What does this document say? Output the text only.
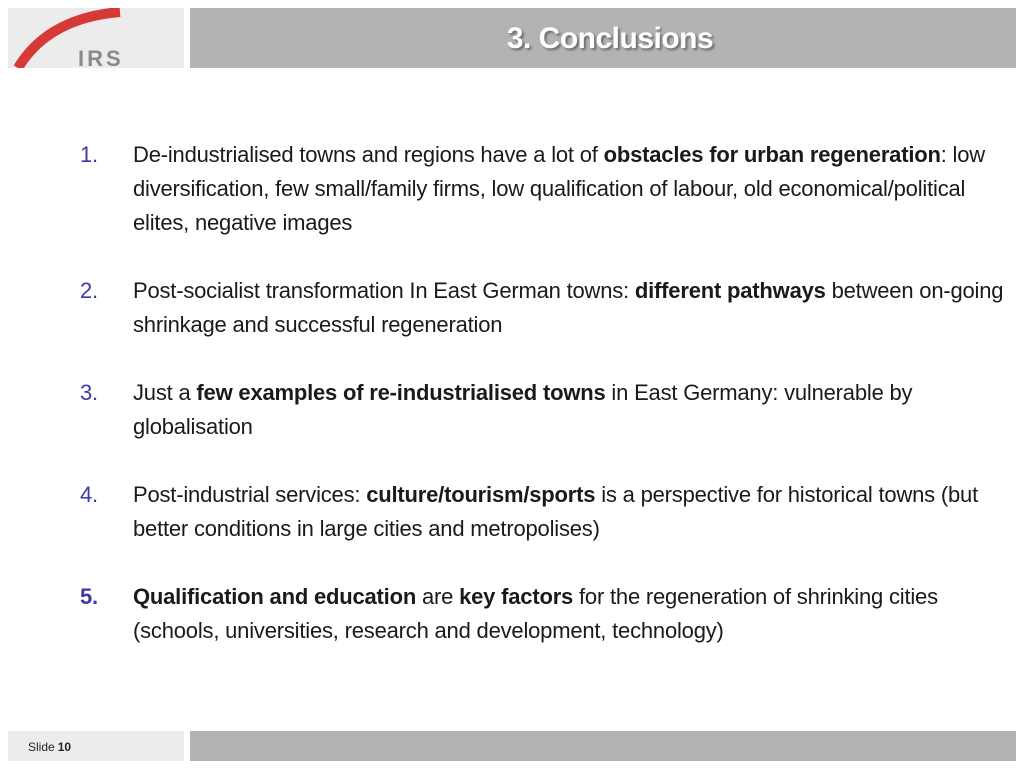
IRS
3. Conclusions
1. De-industrialised towns and regions have a lot of obstacles for urban regeneration: low diversification, few small/family firms, low qualification of labour, old economical/political elites, negative images
2. Post-socialist transformation In East German towns: different pathways between on-going shrinkage and successful regeneration
3. Just a few examples of re-industrialised towns in East Germany: vulnerable by globalisation
4. Post-industrial services: culture/tourism/sports is a perspective for historical towns (but better conditions in large cities and metropolises)
5. Qualification and education are key factors for the regeneration of shrinking cities (schools, universities, research and development, technology)
Slide 10
